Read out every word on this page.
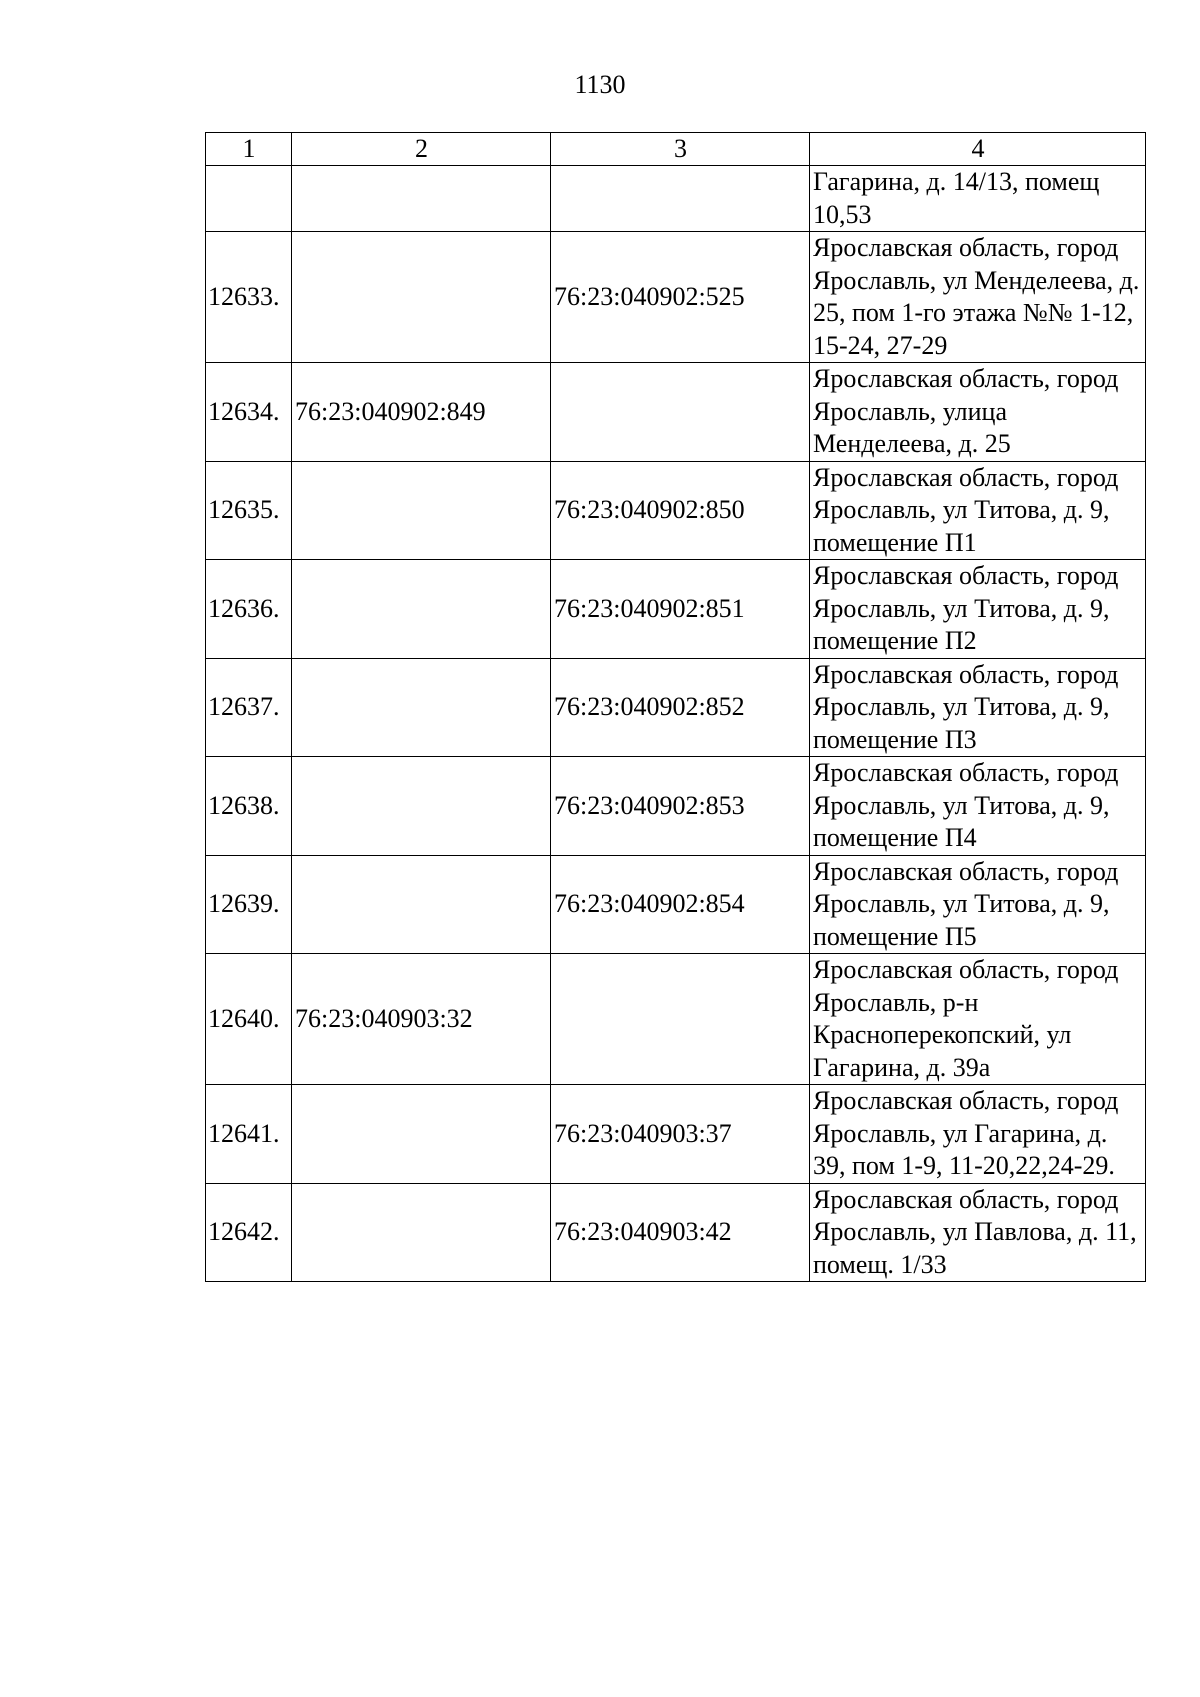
1130
1	2	3	4
			Гагарина, д. 14/13, помещ 10,53
12633.		76:23:040902:525	Ярославская область, город Ярославль, ул Менделеева, д. 25, пом 1-го этажа №№ 1-12, 15-24, 27-29
12634.	76:23:040902:849		Ярославская область, город Ярославль, улица Менделеева, д. 25
12635.		76:23:040902:850	Ярославская область, город Ярославль, ул Титова, д. 9, помещение П1
12636.		76:23:040902:851	Ярославская область, город Ярославль, ул Титова, д. 9, помещение П2
12637.		76:23:040902:852	Ярославская область, город Ярославль, ул Титова, д. 9, помещение П3
12638.		76:23:040902:853	Ярославская область, город Ярославль, ул Титова, д. 9, помещение П4
12639.		76:23:040902:854	Ярославская область, город Ярославль, ул Титова, д. 9, помещение П5
12640.	76:23:040903:32		Ярославская область, город Ярославль, р-н Красноперекопский, ул Гагарина, д. 39а
12641.		76:23:040903:37	Ярославская область, город Ярославль, ул Гагарина, д. 39, пом 1-9, 11-20,22,24-29.
12642.		76:23:040903:42	Ярославская область, город Ярославль, ул Павлова, д. 11, помещ. 1/33
